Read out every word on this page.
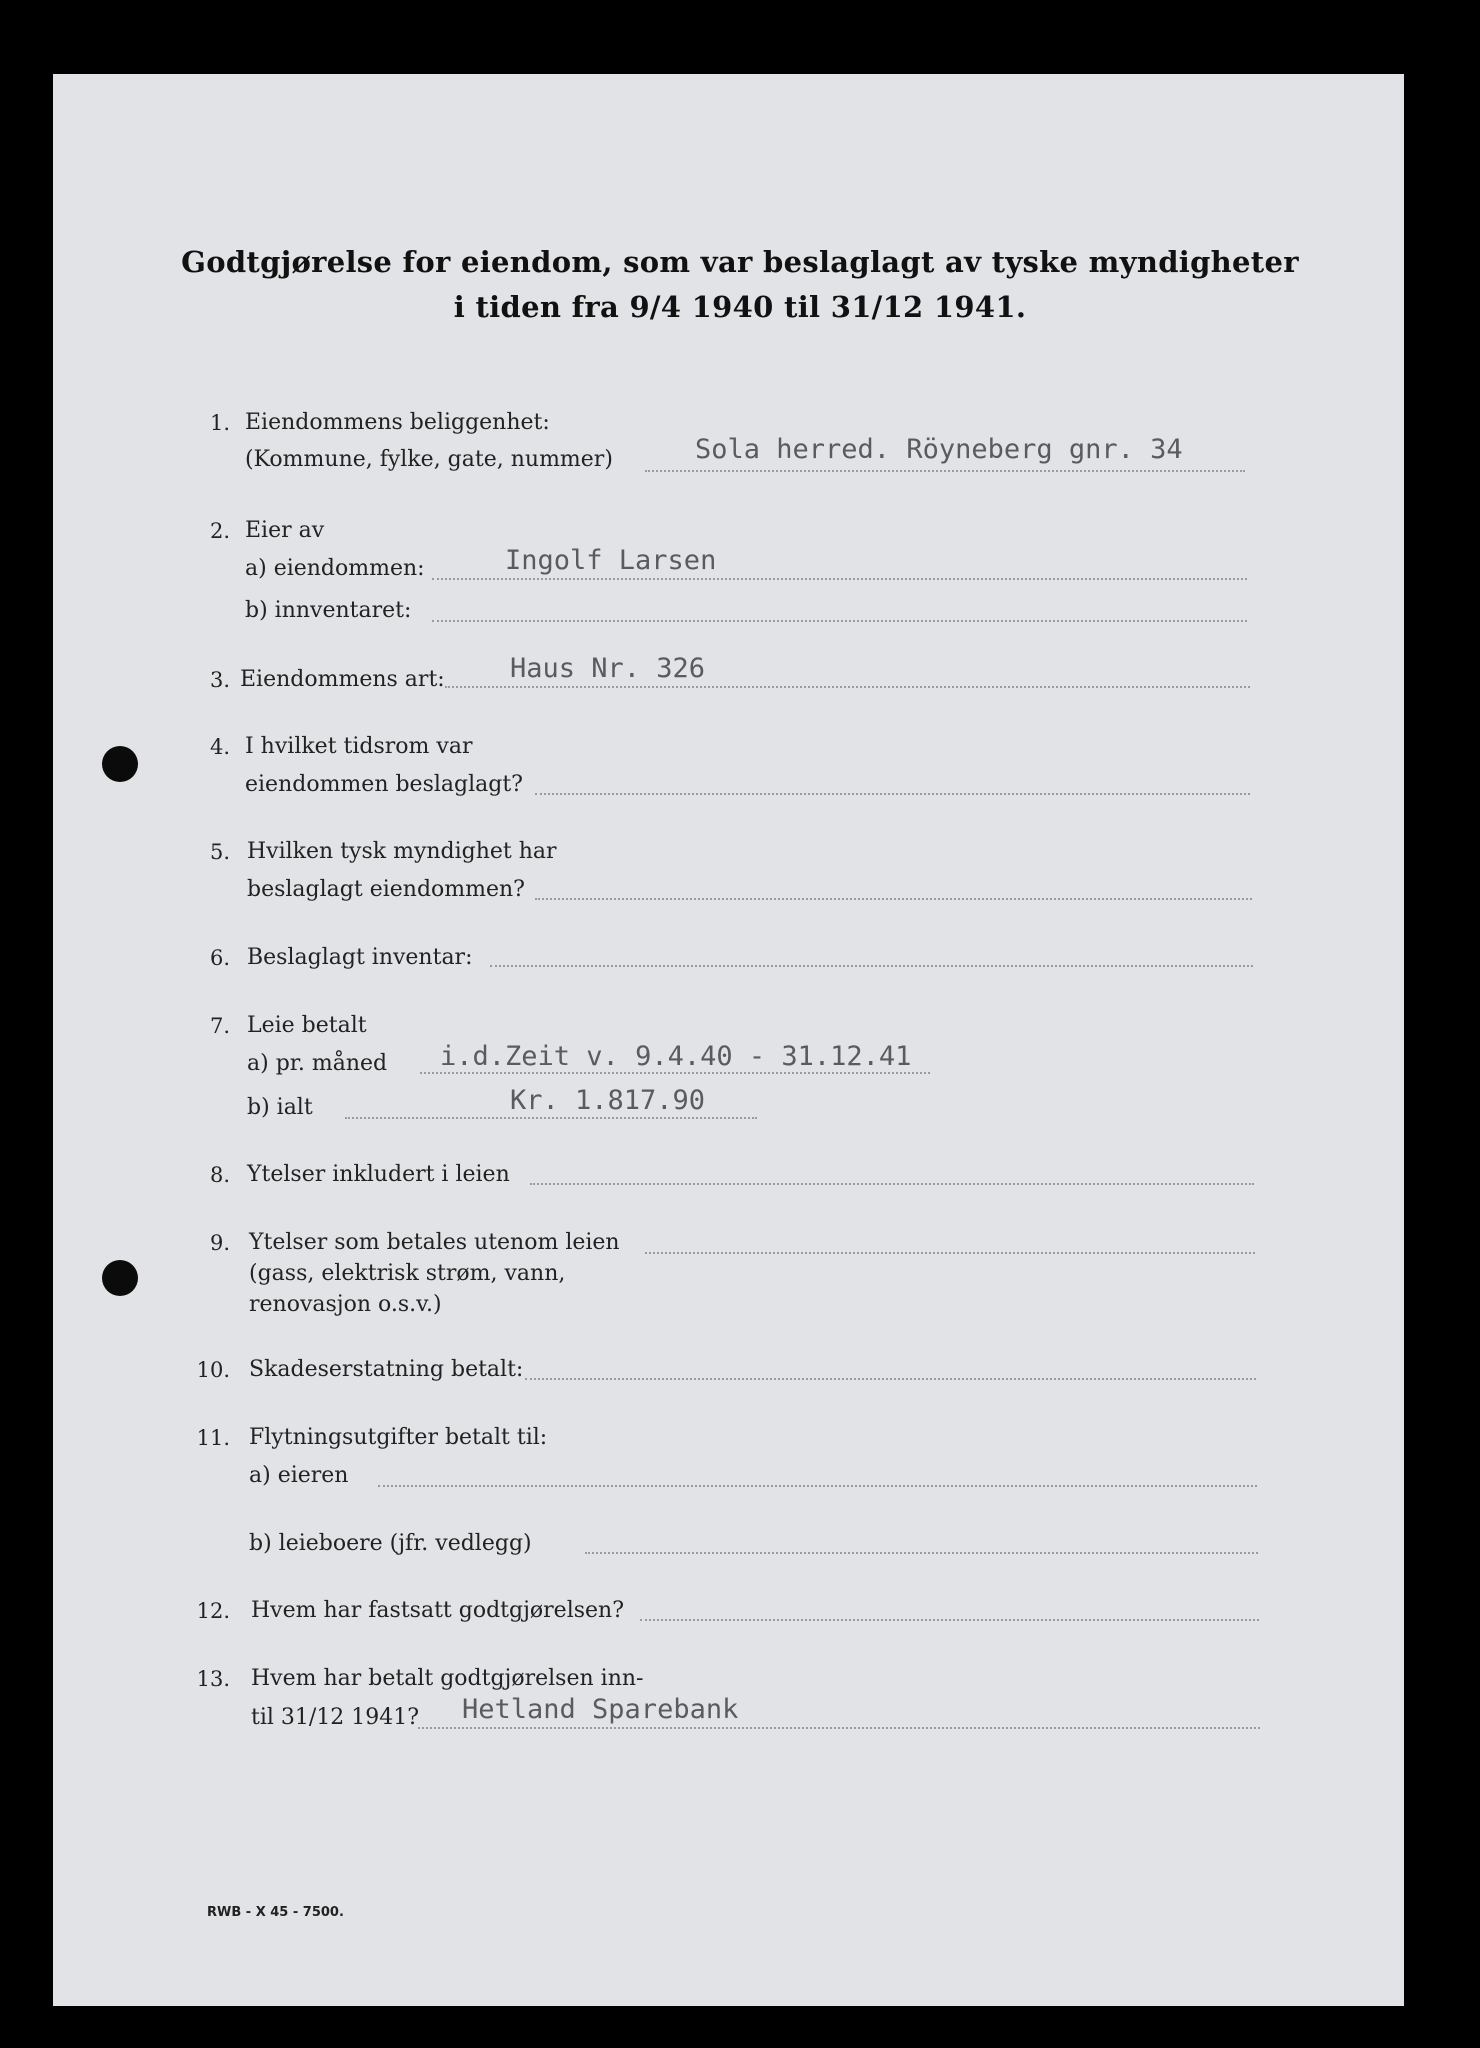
Godtgjørelse for eiendom, som var beslaglagt av tyske myndigheter
i tiden fra 9/4 1940 til 31/12 1941.
1. Eiendommens beliggenhet:
(Kommune, fylke, gate, nummer)	Sola herred. Röyneberg gnr. 34
2. Eier av
a) eiendommen:	Ingolf Larsen
b) innventaret:
3. Eiendommens art: Haus Nr. 326
4. I hvilket tidsrom var
eiendommen beslaglagt?
5. Hvilken tysk myndighet har
beslaglagt eiendommen?
6. Beslaglagt inventar:
7. Leie betalt
a) pr. måned i.d.Zeit v. 9.4.40 - 31.12.41
b) ialt	Kr. 1.817.90
8. Ytelser inkludert i leien
9. Ytelser som betales utenom leien
(gass, elektrisk strøm, vann,
renovasjon o.s.v.)
10. Skadeserstatning betalt:
11. Flytningsutgifter betalt til:
a) eieren
b) leieboere (jfr. vedlegg)
12. Hvem har fastsatt godtgjørelsen?
13. Hvem har betalt godtgjørelsen inn-
til 31/12 1941? Hetland Sparebank
RWB - X 45 - 7500.
